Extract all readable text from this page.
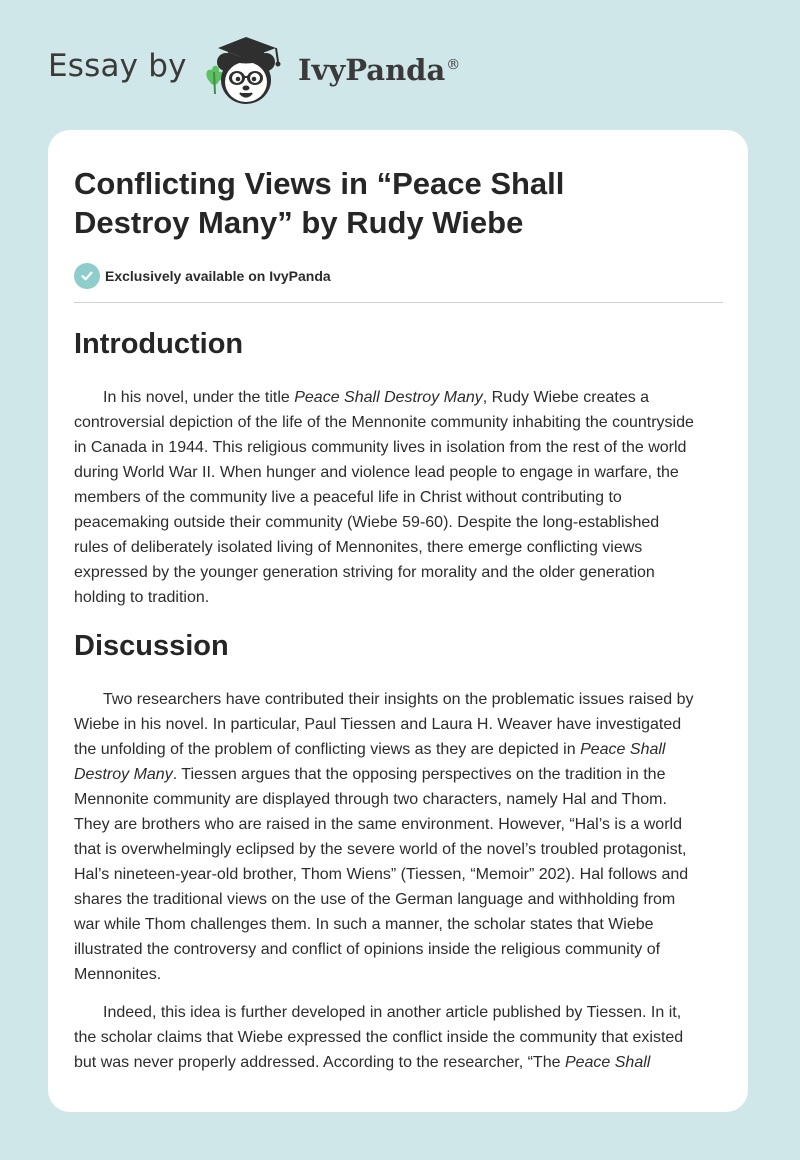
Essay by	IvyPanda®
Conflicting Views in “Peace Shall
Destroy Many” by Rudy Wiebe
Exclusively available on IvyPanda
Introduction
In his novel, under the title Peace Shall Destroy Many, Rudy Wiebe creates a
controversial depiction of the life of the Mennonite community inhabiting the countryside
in Canada in 1944. This religious community lives in isolation from the rest of the world
during World War II. When hunger and violence lead people to engage in warfare, the
members of the community live a peaceful life in Christ without contributing to
peacemaking outside their community (Wiebe 59-60). Despite the long-established
rules of deliberately isolated living of Mennonites, there emerge conflicting views
expressed by the younger generation striving for morality and the older generation
holding to tradition.
Discussion
Two researchers have contributed their insights on the problematic issues raised by
Wiebe in his novel. In particular, Paul Tiessen and Laura H. Weaver have investigated
the unfolding of the problem of conflicting views as they are depicted in Peace Shall
Destroy Many. Tiessen argues that the opposing perspectives on the tradition in the
Mennonite community are displayed through two characters, namely Hal and Thom.
They are brothers who are raised in the same environment. However, “Hal’s is a world
that is overwhelmingly eclipsed by the severe world of the novel’s troubled protagonist,
Hal’s nineteen-year-old brother, Thom Wiens” (Tiessen, “Memoir” 202). Hal follows and
shares the traditional views on the use of the German language and withholding from
war while Thom challenges them. In such a manner, the scholar states that Wiebe
illustrated the controversy and conflict of opinions inside the religious community of
Mennonites.
Indeed, this idea is further developed in another article published by Tiessen. In it,
the scholar claims that Wiebe expressed the conflict inside the community that existed
but was never properly addressed. According to the researcher, “The Peace Shall
